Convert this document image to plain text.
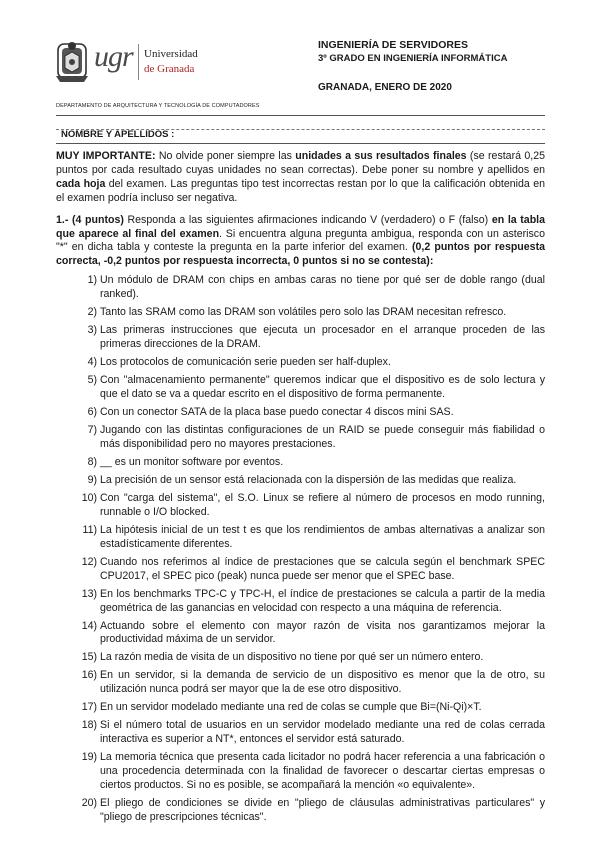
ugr Universidad
de Granada
DEPARTAMENTO DE ARQUITECTURA Y TECNOLOGÍA DE COMPUTADORES
INGENIERÍA DE SERVIDORES
3º GRADO EN INGENIERÍA INFORMÁTICA
GRANADA, ENERO DE 2020
NOMBRE Y APELLIDOS :

MUY IMPORTANTE: No olvide poner siempre las unidades a sus resultados finales (se restará 0,25 puntos por cada resultado cuyas unidades no sean correctas). Debe poner su nombre y apellidos en cada hoja del examen. Las preguntas tipo test incorrectas restan por lo que la calificación obtenida en el examen podría incluso ser negativa.

1.- (4 puntos) Responda a las siguientes afirmaciones indicando V (verdadero) o F (falso) en la tabla que aparece al final del examen. Si encuentra alguna pregunta ambigua, responda con un asterisco "*" en dicha tabla y conteste la pregunta en la parte inferior del examen. (0,2 puntos por respuesta correcta, -0,2 puntos por respuesta incorrecta, 0 puntos si no se contesta):

1) Un módulo de DRAM con chips en ambas caras no tiene por qué ser de doble rango (dual ranked).
2) Tanto las SRAM como las DRAM son volátiles pero solo las DRAM necesitan refresco.
3) Las primeras instrucciones que ejecuta un procesador en el arranque proceden de las primeras direcciones de la DRAM.
4) Los protocolos de comunicación serie pueden ser half-duplex.
5) Con "almacenamiento permanente" queremos indicar que el dispositivo es de solo lectura y que el dato se va a quedar escrito en el dispositivo de forma permanente.
6) Con un conector SATA de la placa base puedo conectar 4 discos mini SAS.
7) Jugando con las distintas configuraciones de un RAID se puede conseguir más fiabilidad o más disponibilidad pero no mayores prestaciones.
8) __ es un monitor software por eventos.
9) La precisión de un sensor está relacionada con la dispersión de las medidas que realiza.
10) Con "carga del sistema", el S.O. Linux se refiere al número de procesos en modo running, runnable o I/O blocked.
11) La hipótesis inicial de un test t es que los rendimientos de ambas alternativas a analizar son estadísticamente diferentes.
12) Cuando nos referimos al índice de prestaciones que se calcula según el benchmark SPEC CPU2017, el SPEC pico (peak) nunca puede ser menor que el SPEC base.
13) En los benchmarks TPC-C y TPC-H, el índice de prestaciones se calcula a partir de la media geométrica de las ganancias en velocidad con respecto a una máquina de referencia.
14) Actuando sobre el elemento con mayor razón de visita nos garantizamos mejorar la productividad máxima de un servidor.
15) La razón media de visita de un dispositivo no tiene por qué ser un número entero.
16) En un servidor, si la demanda de servicio de un dispositivo es menor que la de otro, su utilización nunca podrá ser mayor que la de ese otro dispositivo.
17) En un servidor modelado mediante una red de colas se cumple que Bi=(Ni-Qi)×T.
18) Si el número total de usuarios en un servidor modelado mediante una red de colas cerrada interactiva es superior a NT*, entonces el servidor está saturado.
19) La memoria técnica que presenta cada licitador no podrá hacer referencia a una fabricación o una procedencia determinada con la finalidad de favorecer o descartar ciertas empresas o ciertos productos. Si no es posible, se acompañará la mención «o equivalente».
20) El pliego de condiciones se divide en "pliego de cláusulas administrativas particulares" y "pliego de prescripciones técnicas".
